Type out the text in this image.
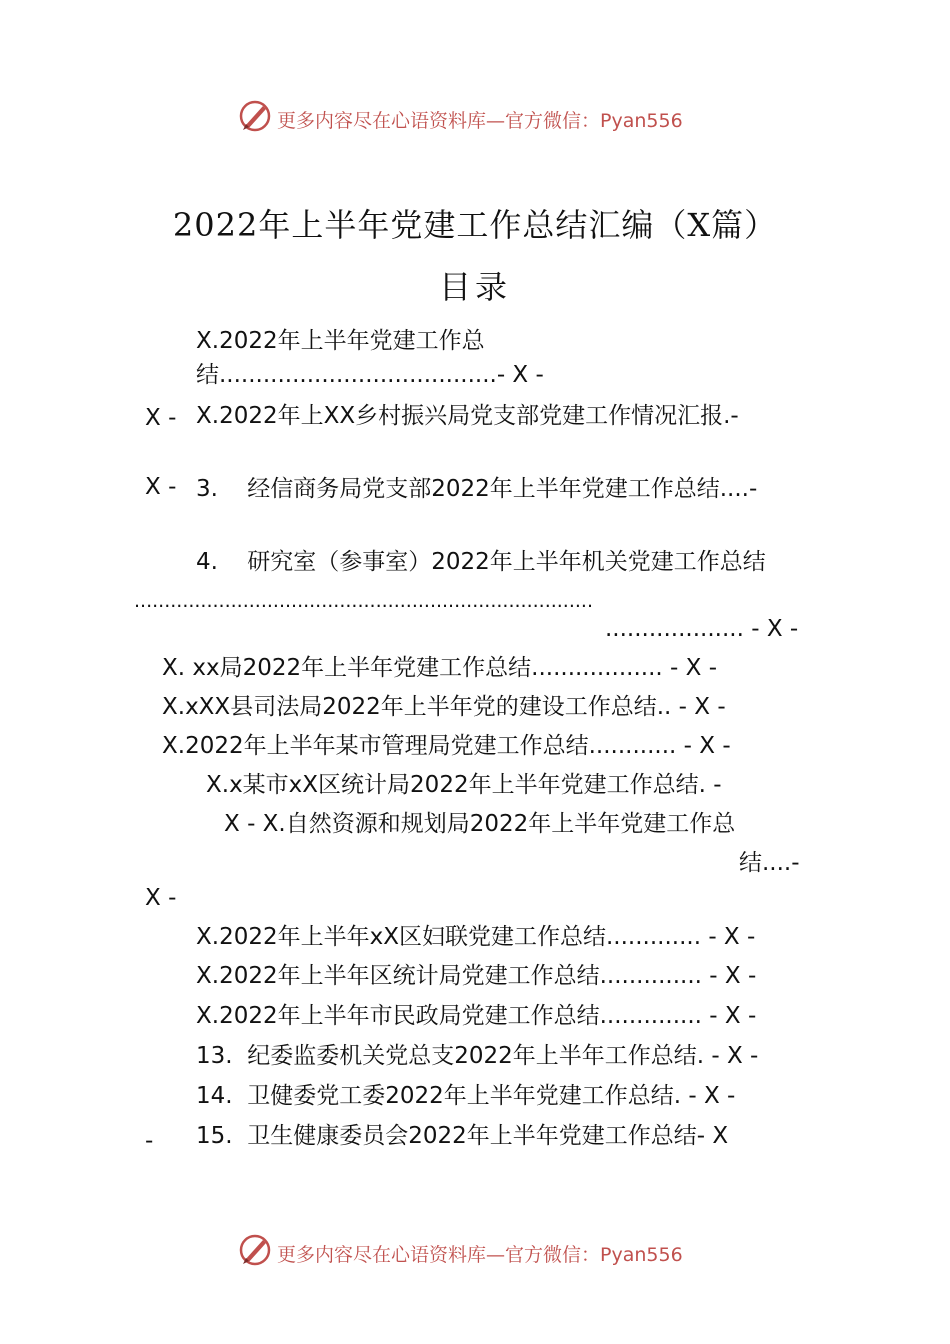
更多内容尽在心语资料库—官方微信：Pyan556
2022年上半年党建工作总结汇编（X篇）
目录
X.2022年上半年党建工作总
结......................................- X -
X - X.2022年上XX乡村振兴局党支部党建工作情况汇报.-
X - 3.    经信商务局党支部2022年上半年党建工作总结....-
4.    研究室（参事室）2022年上半年机关党建工作总结
............................................................................
................... - X -
X. xx局2022年上半年党建工作总结.................. - X -
X.xXX县司法局2022年上半年党的建设工作总结.. - X -
X.2022年上半年某市管理局党建工作总结............ - X -
X.x某市xX区统计局2022年上半年党建工作总结. -
X - X.自然资源和规划局2022年上半年党建工作总
结....-
X -
X.2022年上半年xX区妇联党建工作总结............. - X -
X.2022年上半年区统计局党建工作总结.............. - X -
X.2022年上半年市民政局党建工作总结.............. - X -
13.  纪委监委机关党总支2022年上半年工作总结. - X -
14.  卫健委党工委2022年上半年党建工作总结. - X -
- 15.  卫生健康委员会2022年上半年党建工作总结- X
更多内容尽在心语资料库—官方微信：Pyan556
